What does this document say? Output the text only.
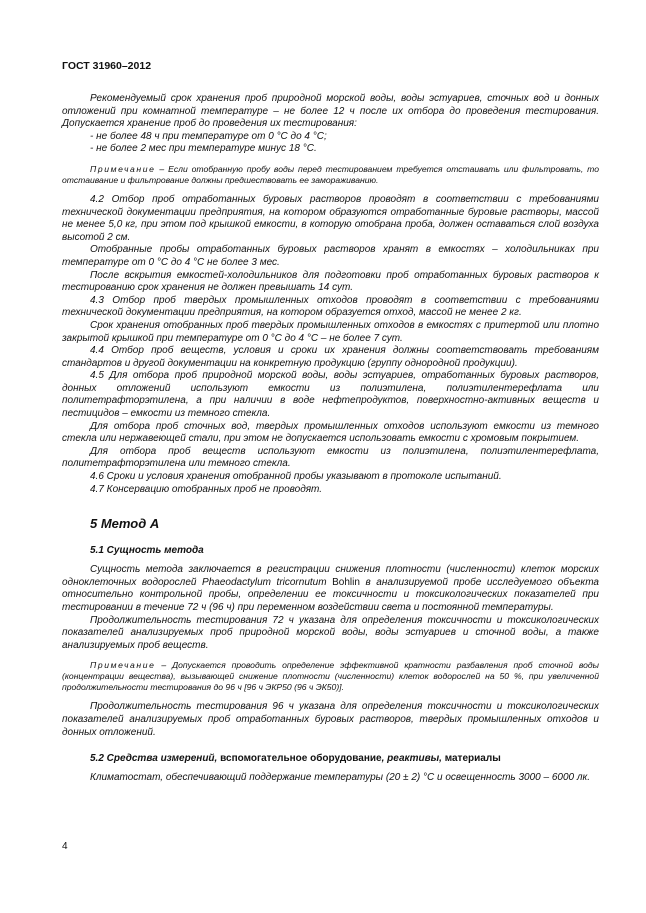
ГОСТ 31960–2012

Рекомендуемый срок хранения проб природной морской воды, воды эстуариев, сточных вод и донных отложений при комнатной температуре – не более 12 ч после их отбора до проведения тестирования. Допускается хранение проб до проведения их тестирования:

- не более 48 ч при температуре от 0 °С до 4 °С;

- не более 2 мес при температуре минус 18 °С.

Примечание – Если отобранную пробу воды перед тестированием требуется отстаивать или фильтровать, то отстаивание и фильтрование должны предшествовать ее замораживанию.

4.2 Отбор проб отработанных буровых растворов проводят в соответствии с требованиями технической документации предприятия, на котором образуются отработанные буровые растворы, массой не менее 5,0 кг, при этом под крышкой емкости, в которую отобрана проба, должен оставаться слой воздуха высотой 2 см.

Отобранные пробы отработанных буровых растворов хранят в емкостях – холодильниках при температуре от 0 °С до 4 °С не более 3 мес.

После вскрытия емкостей-холодильников для подготовки проб отработанных буровых растворов к тестированию срок хранения не должен превышать 14 сут.

4.3 Отбор проб твердых промышленных отходов проводят в соответствии с требованиями технической документации предприятия, на котором образуется отход, массой не менее 2 кг.

Срок хранения отобранных проб твердых промышленных отходов в емкостях с притертой или плотно закрытой крышкой при температуре от 0 °С до 4 °С – не более 7 сут.

4.4 Отбор проб веществ, условия и сроки их хранения должны соответствовать требованиям стандартов и другой документации на конкретную продукцию (группу однородной продукции).

4.5 Для отбора проб природной морской воды, воды эстуариев, отработанных буровых растворов, донных отложений используют емкости из полиэтилена, полиэтилентерефлата или политетрафторэтилена, а при наличии в воде нефтепродуктов, поверхностно-активных веществ и пестицидов – емкости из темного стекла.

Для отбора проб сточных вод, твердых промышленных отходов используют емкости из темного стекла или нержавеющей стали, при этом не допускается использовать емкости с хромовым покрытием.

Для отбора проб веществ используют емкости из полиэтилена, полиэтилентерефлата, политетрафторэтилена или темного стекла.

4.6 Сроки и условия хранения отобранной пробы указывают в протоколе испытаний.

4.7 Консервацию отобранных проб не проводят.

5 Метод А
5.1 Сущность метода

Сущность метода заключается в регистрации снижения плотности (численности) клеток морских одноклеточных водорослей Phaeodactylum tricornutum Bohlin в анализируемой пробе исследуемого объекта относительно контрольной пробы, определении ее токсичности и токсикологических показателей при тестировании в течение 72 ч (96 ч) при переменном воздействии света и постоянной температуры.

Продолжительность тестирования 72 ч указана для определения токсичности и токсикологических показателей анализируемых проб природной морской воды, воды эстуариев и сточной воды, а также анализируемых проб веществ.

Примечание – Допускается проводить определение эффективной кратности разбавления проб сточной воды (концентрации вещества), вызывающей снижение плотности (численности) клеток водорослей на 50 %, при увеличенной продолжительности тестирования до 96 ч [96 ч ЭКР50 (96 ч ЭК50)].

Продолжительность тестирования 96 ч указана для определения токсичности и токсикологических показателей анализируемых проб отработанных буровых растворов, твердых промышленных отходов и донных отложений.

5.2 Средства измерений, вспомогательное оборудование, реактивы, материалы

Климатостат, обеспечивающий поддержание температуры (20 ± 2) °С и освещенность 3000 – 6000 лк.

4
